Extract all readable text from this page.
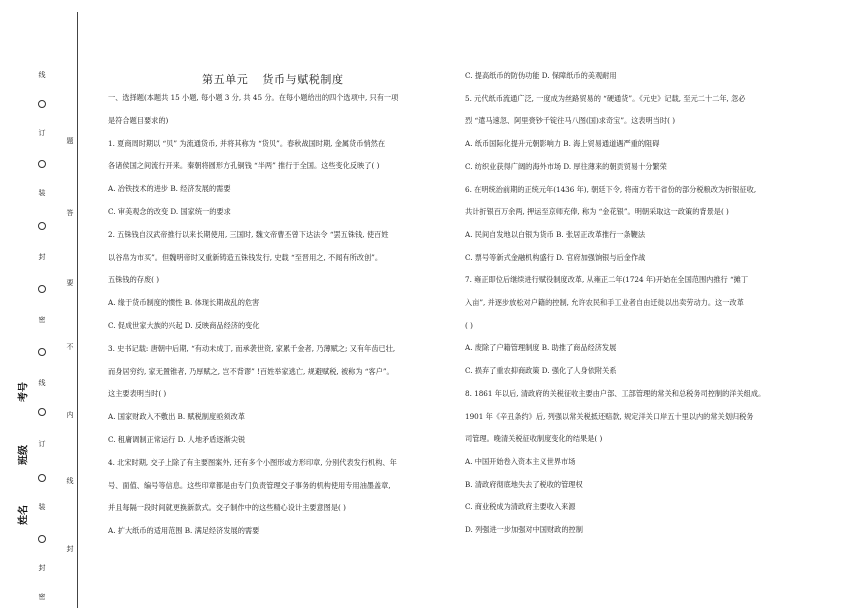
线
订
装
封
密
线
订
装
封
密
题
答
要
不
内
线
封
考号
班级
姓名
第五单元 货币与赋税制度
一、选择题(本题共 15 小题, 每小题 3 分, 共 45 分。在每小题给出的四个选项中, 只有一项
是符合题目要求的)
1. 夏商周时期以 “贝” 为流通货币, 并将其称为 “货贝”。春秋战国时期, 金属货币悄然在
各诸侯国之间流行开来。秦朝将圆形方孔铜钱 “半两” 推行于全国。这些变化反映了( )
A. 冶铁技术的进步 B. 经济发展的需要
C. 审美观念的改变 D. 国家统一的要求
2. 五铢钱自汉武帝推行以来长期使用, 三国时, 魏文帝曹丕曾下达法令 “罢五铢钱, 使百姓
以谷帛为市买”。但魏明帝时又重新铸造五铢钱发行, 史载 “至晋用之, 不闻有所改创”。
五铢钱的存废( )
A. 缘于货币制度的惯性 B. 体现长期战乱的危害
C. 促成世家大族的兴起 D. 反映商品经济的变化
3. 史书记载: 唐朝中后期, “有动未成丁, 而承袭世资, 家累千金者, 乃薄赋之; 又有年齿已壮,
而身居穷约, 家无置锥者, 乃厚赋之, 岂不背谬” !百姓举家逃亡, 规避赋税, 被称为 “客户”。
这主要表明当时( )
A. 国家财政入不敷出 B. 赋税制度亟须改革
C. 租庸调制正常运行 D. 人地矛盾逐渐尖锐
4. 北宋时期, 交子上除了有主要图案外, 还有多个小图形或方形印章, 分别代表发行机构、年
号、面值、编号等信息。这些印章都是由专门负责管理交子事务的机构使用专用油墨盖章,
并且每隔一段时间就更换新款式。交子制作中的这些精心设计主要意图是( )
A. 扩大纸币的适用范围 B. 满足经济发展的需要
C. 提高纸币的防伪功能 D. 保障纸币的美观耐用
5. 元代纸币流通广泛, 一度成为丝路贸易的 “硬通货”。《元史》记载, 至元二十二年, 忽必
烈 “遣马速忽、阿里赍钞千锭往马八图(国)求奇宝”。这表明当时( )
A. 纸币国际化提升元朝影响力 B. 海上贸易通道遇严重的阻碍
C. 纺织业获得广阔的海外市场 D. 厚往薄来的朝贡贸易十分繁荣
6. 在明统治前期的正统元年(1436 年), 朝廷下令, 将南方若干省份的部分税粮改为折银征收,
共计折银百万余两, 押运至京师充俸, 称为 “金花银”。明朝采取这一政策的背景是( )
A. 民间自发地以白银为货币 B. 张居正改革推行一条鞭法
C. 票号等新式金融机构盛行 D. 官府加强饷银与后金作战
7. 雍正即位后继续进行赋役制度改革, 从雍正二年(1724 年)开始在全国范围内推行 “摊丁
入亩”, 并逐步放松对户籍的控制, 允许农民和手工业者自由迁徙以出卖劳动力。这一改革
( )
A. 废除了户籍管理制度 B. 助推了商品经济发展
C. 损弃了重农抑商政策 D. 强化了人身依附关系
8. 1861 年以后, 清政府的关税征收主要由户部、工部管理的常关和总税务司控制的洋关组成。
1901 年《辛丑条约》后, 列强以常关税抵还赔款, 规定洋关口岸五十里以内的常关划归税务
司管理。晚清关税征收制度变化的结果是( )
A. 中国开始卷入资本主义世界市场
B. 清政府彻底地失去了税收的管理权
C. 商业税成为清政府主要收入来源
D. 列强进一步加强对中国财政的控制
